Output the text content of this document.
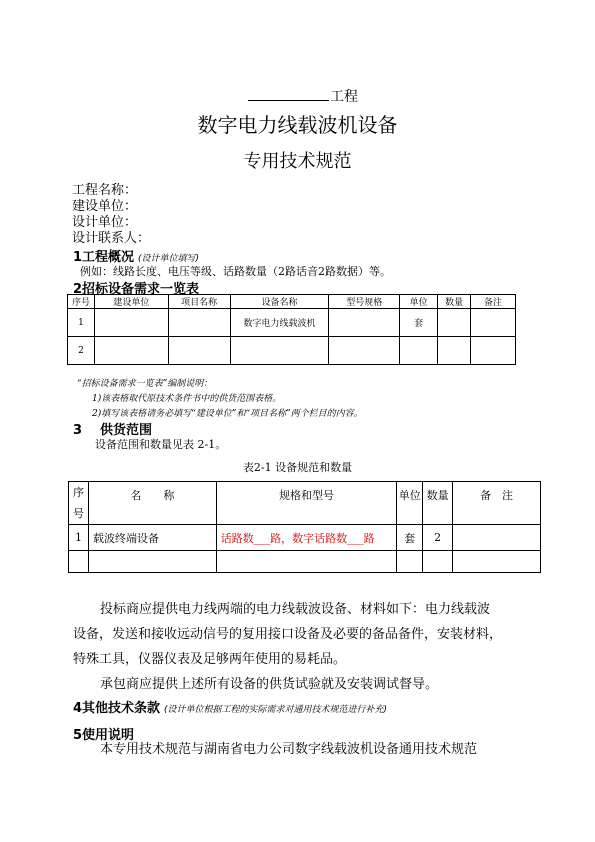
工程
数字电力线载波机设备
专用技术规范
工程名称：
建设单位：
设计单位：
设计联系人：
1工程概况 (设计单位填写)
例如：线路长度、电压等级、话路数量（2路话音2路数据）等。
2招标设备需求一览表
序号	建设单位	项目名称	设备名称	型号规格	单位	数量	备注
1			数字电力线载波机		套		
2							
“招标设备需求一览表”编制说明：
1)该表格取代原技术条件书中的供货范围表格。
2)填写该表格请务必填写“建设单位”和“项目名称”两个栏目的内容。
3 供货范围
设备范围和数量见表 2-1。
表2-1 设备规范和数量
序号	名　　称	规格和型号	单位	数量	备　注
1	载波终端设备	话路数___路，数字话路数___路	套	2	

投标商应提供电力线两端的电力线载波设备、材料如下：电力线载波
设备，发送和接收远动信号的复用接口设备及必要的备品备件，安装材料，
特殊工具，仪器仪表及足够两年使用的易耗品。
承包商应提供上述所有设备的供货试验就及安装调试督导。
4其他技术条款 (设计单位根据工程的实际需求对通用技术规范进行补充)
5使用说明
本专用技术规范与湖南省电力公司数字线载波机设备通用技术规范
